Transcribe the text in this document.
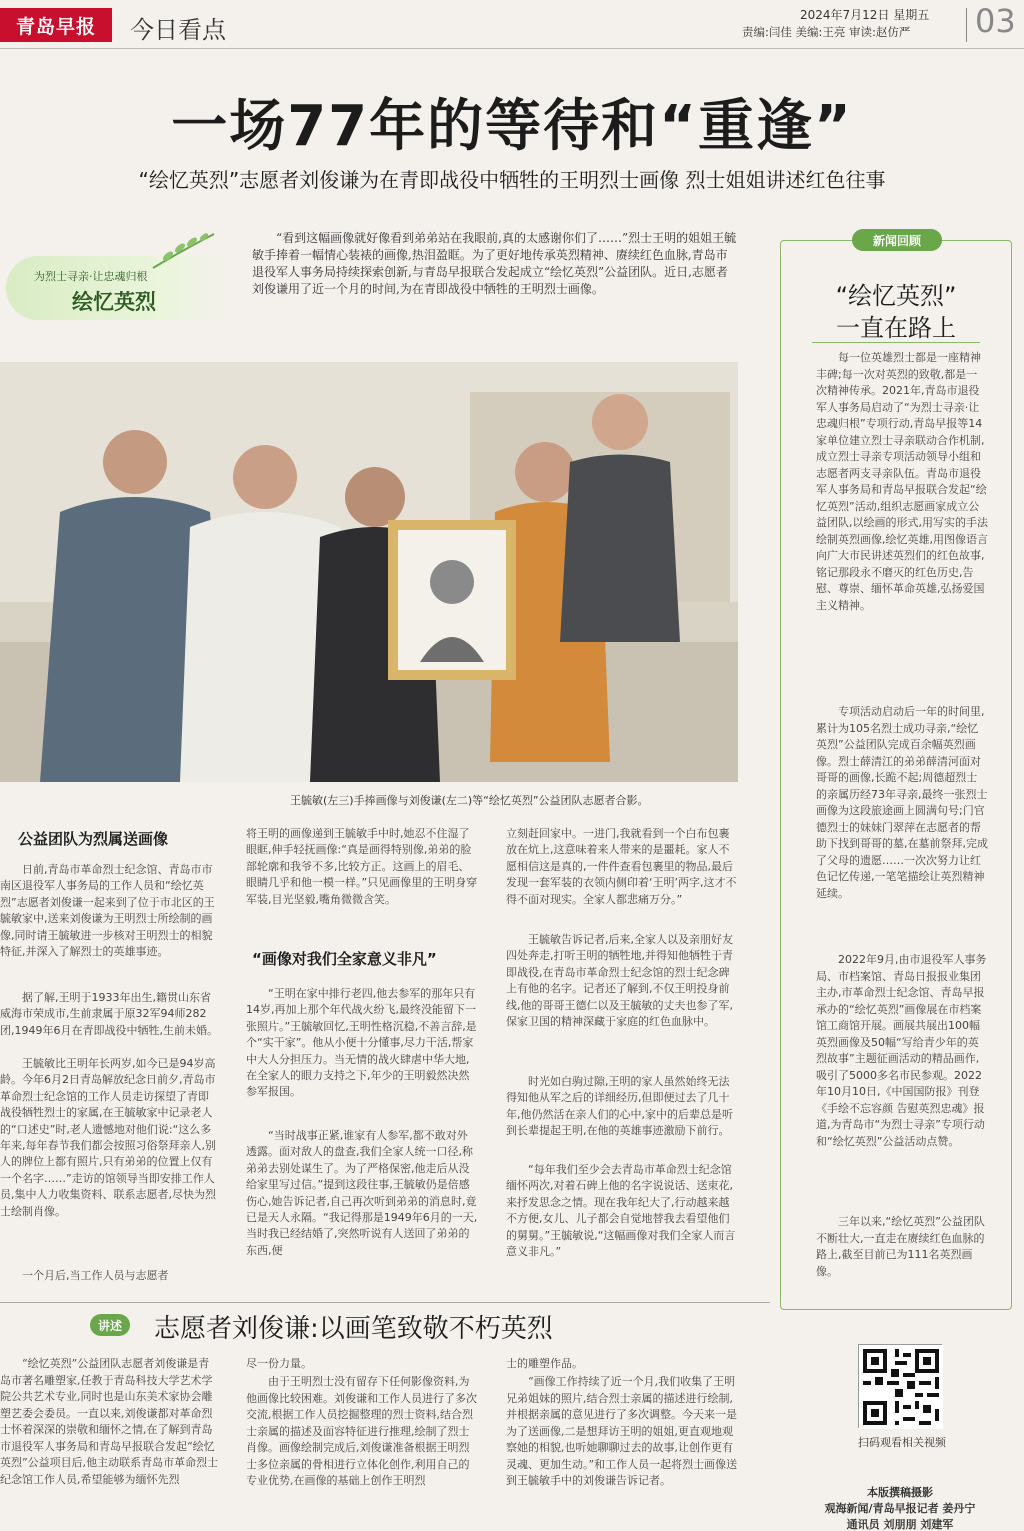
青岛早报	今日看点
2024年7月12日 星期五
责编:闫佳 美编:王亮 审读:赵仿严 03
一场77年的等待和“重逢”
“绘忆英烈”志愿者刘俊谦为在青即战役中牺牲的王明烈士画像 烈士姐姐讲述红色往事
为烈士寻亲·让忠魂归根
绘忆英烈
“看到这幅画像就好像看到弟弟站在我眼前,真的太感谢你们了……”烈士王明的姐姐王毓敏手捧着一幅情心装裱的画像,热泪盈眶。为了更好地传承英烈精神、赓续红色血脉,青岛市退役军人事务局持续探索创新,与青岛早报联合发起成立“绘忆英烈”公益团队。近日,志愿者刘俊谦用了近一个月的时间,为在青即战役中牺牲的王明烈士画像。
王毓敏(左三)手捧画像与刘俊谦(左二)等“绘忆英烈”公益团队志愿者合影。
新闻回顾
“绘忆英烈”
一直在路上
每一位英雄烈士都是一座精神丰碑;每一次对英烈的致敬,都是一次精神传承。2021年,青岛市退役军人事务局启动了“为烈士寻亲·让忠魂归根”专项行动,青岛早报等14家单位建立烈士寻亲联动合作机制,成立烈士寻亲专项活动领导小组和志愿者两支寻亲队伍。青岛市退役军人事务局和青岛早报联合发起“绘忆英烈”活动,组织志愿画家成立公益团队,以绘画的形式,用写实的手法绘制英烈画像,绘忆英雄,用图像语言向广大市民讲述英烈们的红色故事,铭记那段永不磨灭的红色历史,告慰、尊崇、缅怀革命英雄,弘扬爱国主义精神。
专项活动启动后一年的时间里,累计为105名烈士成功寻亲,“绘忆英烈”公益团队完成百余幅英烈画像。烈士薛清江的弟弟薛清河面对哥哥的画像,长跪不起;周德超烈士的亲属历经73年寻亲,最终一张烈士画像为这段旅途画上圆满句号;门官德烈士的妹妹门翠萍在志愿者的帮助下找到哥哥的墓,在墓前祭拜,完成了父母的遗愿……一次次努力让红色记忆传递,一笔笔描绘让英烈精神延续。
2022年9月,由市退役军人事务局、市档案馆、青岛日报报业集团主办,市革命烈士纪念馆、青岛早报承办的“绘忆英烈”画像展在市档案馆工商馆开展。画展共展出100幅英烈画像及50幅“写给青少年的英烈故事”主题征画活动的精品画作,吸引了5000多名市民参观。2022年10月10日,《中国国防报》刊登《手绘不忘容颜 告慰英烈忠魂》报道,为青岛市“为烈士寻亲”专项行动和“绘忆英烈”公益活动点赞。
三年以来,“绘忆英烈”公益团队不断壮大,一直走在赓续红色血脉的路上,截至目前已为111名英烈画像。
公益团队为烈属送画像
日前,青岛市革命烈士纪念馆、青岛市市南区退役军人事务局的工作人员和“绘忆英烈”志愿者刘俊谦一起来到了位于市北区的王毓敏家中,送来刘俊谦为王明烈士所绘制的画像,同时请王毓敏进一步核对王明烈士的相貌特征,并深入了解烈士的英雄事迹。
据了解,王明于1933年出生,籍贯山东省威海市荣成市,生前隶属于原32军94师282团,1949年6月在青即战役中牺牲,生前未婚。
王毓敏比王明年长两岁,如今已是94岁高龄。今年6月2日青岛解放纪念日前夕,青岛市革命烈士纪念馆的工作人员走访探望了青即战役牺牲烈士的家属,在王毓敏家中记录老人的“口述史”时,老人遗憾地对他们说:“这么多年来,每年春节我们都会按照习俗祭拜亲人,别人的牌位上都有照片,只有弟弟的位置上仅有一个名字……”走访的馆领导当即安排工作人员,集中人力收集资料、联系志愿者,尽快为烈士绘制肖像。
一个月后,当工作人员与志愿者
将王明的画像递到王毓敏手中时,她忍不住湿了眼眶,伸手轻抚画像:“真是画得特别像,弟弟的脸部轮廓和我爷不多,比较方正。这画上的眉毛、眼睛几乎和他一模一样。”只见画像里的王明身穿军装,目光坚毅,嘴角微微含笑。
“画像对我们全家意义非凡”
“王明在家中排行老四,他去参军的那年只有14岁,再加上那个年代战火纷飞,最终没能留下一张照片。”王毓敏回忆,王明性格沉稳,不善言辞,是个“实干家”。他从小便十分懂事,尽力干活,帮家中大人分担压力。当无情的战火肆虐中华大地,在全家人的眼力支持之下,年少的王明毅然决然参军报国。
“当时战事正紧,谁家有人参军,都不敢对外透露。面对敌人的盘查,我们全家人统一口径,称弟弟去别处谋生了。为了严格保密,他走后从没给家里写过信。”提到这段往事,王毓敏仍是倍感伤心,她告诉记者,自己再次听到弟弟的消息时,竟已是天人永隔。“我记得那是1949年6月的一天,当时我已经结婚了,突然听说有人送回了弟弟的东西,便
立刻赶回家中。一进门,我就看到一个白布包裹放在炕上,这意味着来人带来的是噩耗。家人不愿相信这是真的,一件件查看包裹里的物品,最后发现一套军装的衣领内侧印着‘王明’两字,这才不得不面对现实。全家人都悲痛万分。”
王毓敏告诉记者,后来,全家人以及亲朋好友四处奔走,打听王明的牺牲地,并得知他牺牲于青即战役,在青岛市革命烈士纪念馆的烈士纪念碑上有他的名字。记者还了解到,不仅王明投身前线,他的哥哥王德仁以及王毓敏的丈夫也参了军,保家卫国的精神深藏于家庭的红色血脉中。
时光如白驹过隙,王明的家人虽然始终无法得知他从军之后的详细经历,但即便过去了几十年,他仍然活在亲人们的心中,家中的后辈总是听到长辈提起王明,在他的英雄事迹激励下前行。
“每年我们至少会去青岛市革命烈士纪念馆缅怀两次,对着石碑上他的名字说说话、送束花,来抒发思念之情。现在我年纪大了,行动越来越不方便,女儿、儿子都会自觉地替我去看望他们的舅舅。”王毓敏说,“这幅画像对我们全家人而言意义非凡。”
讲述	志愿者刘俊谦:以画笔致敬不朽英烈
“绘忆英烈”公益团队志愿者刘俊谦是青岛市著名雕塑家,任教于青岛科技大学艺术学院公共艺术专业,同时也是山东美术家协会雕塑艺委会委员。一直以来,刘俊谦都对革命烈士怀着深深的崇敬和缅怀之情,在了解到青岛市退役军人事务局和青岛早报联合发起“绘忆英烈”公益项目后,他主动联系青岛市革命烈士纪念馆工作人员,希望能够为缅怀先烈
尽一份力量。
由于王明烈士没有留存下任何影像资料,为他画像比较困难。刘俊谦和工作人员进行了多次交流,根据工作人员挖掘整理的烈士资料,结合烈士亲属的描述及面容特征进行推理,绘制了烈士肖像。画像绘制完成后,刘俊谦准备根据王明烈士多位亲属的骨相进行立体化创作,利用自己的专业优势,在画像的基础上创作王明烈
士的雕塑作品。
“画像工作持续了近一个月,我们收集了王明兄弟姐妹的照片,结合烈士亲属的描述进行绘制,并根据亲属的意见进行了多次调整。今天来一是为了送画像,二是想拜访王明的姐姐,更直观地观察她的相貌,也听她聊聊过去的故事,让创作更有灵魂、更加生动。”和工作人员一起将烈士画像送到王毓敏手中的刘俊谦告诉记者。
扫码观看相关视频
本版撰稿摄影
观海新闻/青岛早报记者 姜丹宁
通讯员 刘朋朋 刘建军
